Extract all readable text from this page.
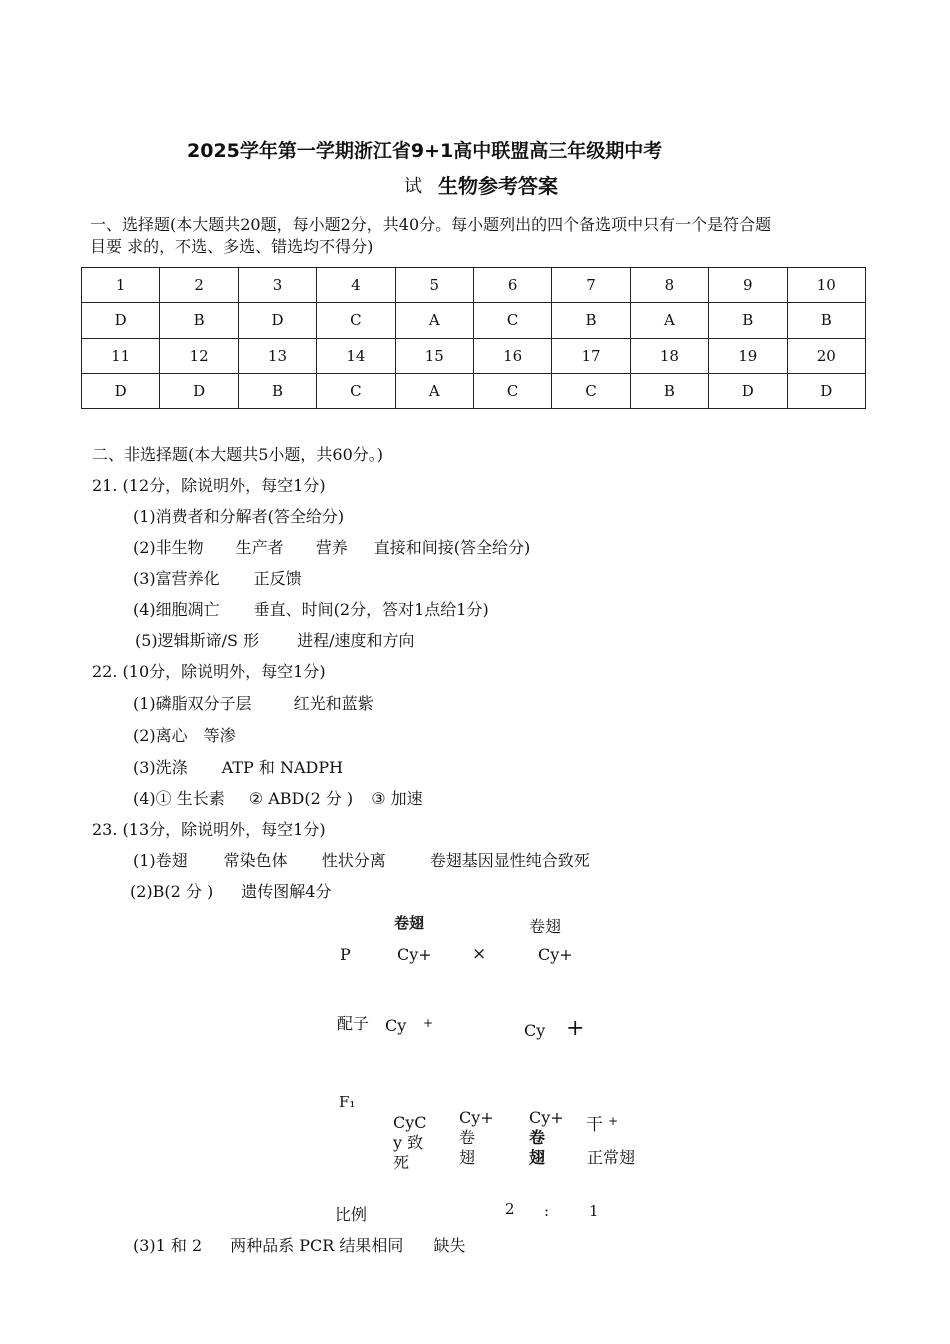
2025学年第一学期浙江省9+1高中联盟高三年级期中考
试 生物参考答案
一、选择题(本大题共20题，每小题2分，共40分。每小题列出的四个备选项中只有一个是符合题
目要 求的，不选、多选、错选均不得分)
1	2	3	4	5	6	7	8	9	10
D	B	D	C	A	C	B	A	B	B
11	12	13	14	15	16	17	18	19	20
D	D	B	C	A	C	C	B	D	D
二、非选择题(本大题共5小题，共60分。)
21. (12分，除说明外，每空1分)
(1)消费者和分解者(答全给分)
(2)非生物 生产者 营养 直接和间接(答全给分)
(3)富营养化 正反馈
(4)细胞凋亡 垂直、时间(2分，答对1点给1分)
(5)逻辑斯谛/S 形 进程/速度和方向
22. (10分，除说明外，每空1分)
(1)磷脂双分子层	红光和蓝紫
(2)离心 等渗
(3)洗涤 ATP 和 NADPH
(4)① 生长素 ② ABD(2 分 ) ③ 加速
23. (13分，除说明外，每空1分)
(1)卷翅 常染色体 性状分离	卷翅基因显性纯合致死
(2)B(2 分 ) 遗传图解4分
卷翅	卷翅
P	Cy+ ×	Cy+
配子 Cy +	Cy +
F₁
CyC
y 致
死
Cy+
卷
翅
Cy+
卷
翅
干 +
正常翅
比例	2 :	1
(3)1 和 2 两种品系 PCR 结果相同 缺失
